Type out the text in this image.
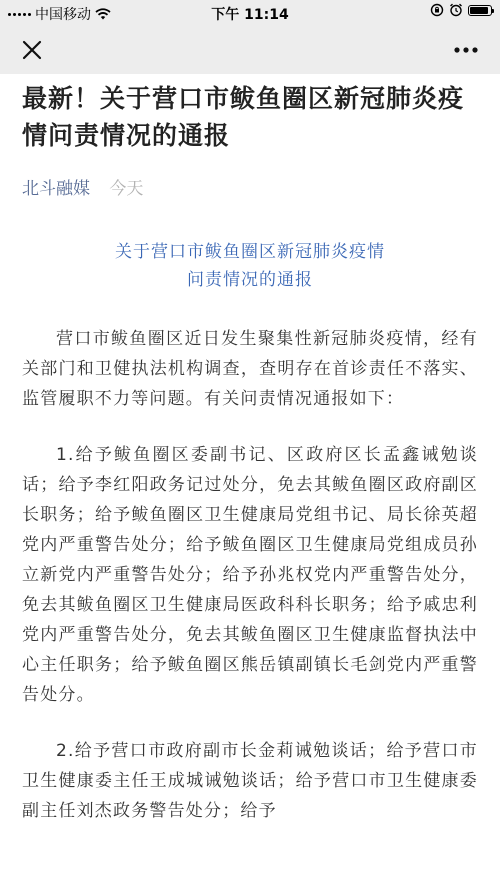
中国移动	下午 11:14
最新！关于营口市鲅鱼圈区新冠肺炎疫情问责情况的通报
北斗融媒 今天
关于营口市鲅鱼圈区新冠肺炎疫情
问责情况的通报

营口市鲅鱼圈区近日发生聚集性新冠肺炎疫情，经有关部门和卫健执法机构调查，查明存在首诊责任不落实、监管履职不力等问题。有关问责情况通报如下：

1.给予鲅鱼圈区委副书记、区政府区长孟鑫诫勉谈话；给予李红阳政务记过处分，免去其鲅鱼圈区政府副区长职务；给予鲅鱼圈区卫生健康局党组书记、局长徐英超党内严重警告处分；给予鲅鱼圈区卫生健康局党组成员孙立新党内严重警告处分；给予孙兆权党内严重警告处分，免去其鲅鱼圈区卫生健康局医政科科长职务；给予戚忠利党内严重警告处分，免去其鲅鱼圈区卫生健康监督执法中心主任职务；给予鲅鱼圈区熊岳镇副镇长毛剑党内严重警告处分。

2.给予营口市政府副市长金莉诫勉谈话；给予营口市卫生健康委主任王成城诫勉谈话；给予营口市卫生健康委副主任刘杰政务警告处分；给予
